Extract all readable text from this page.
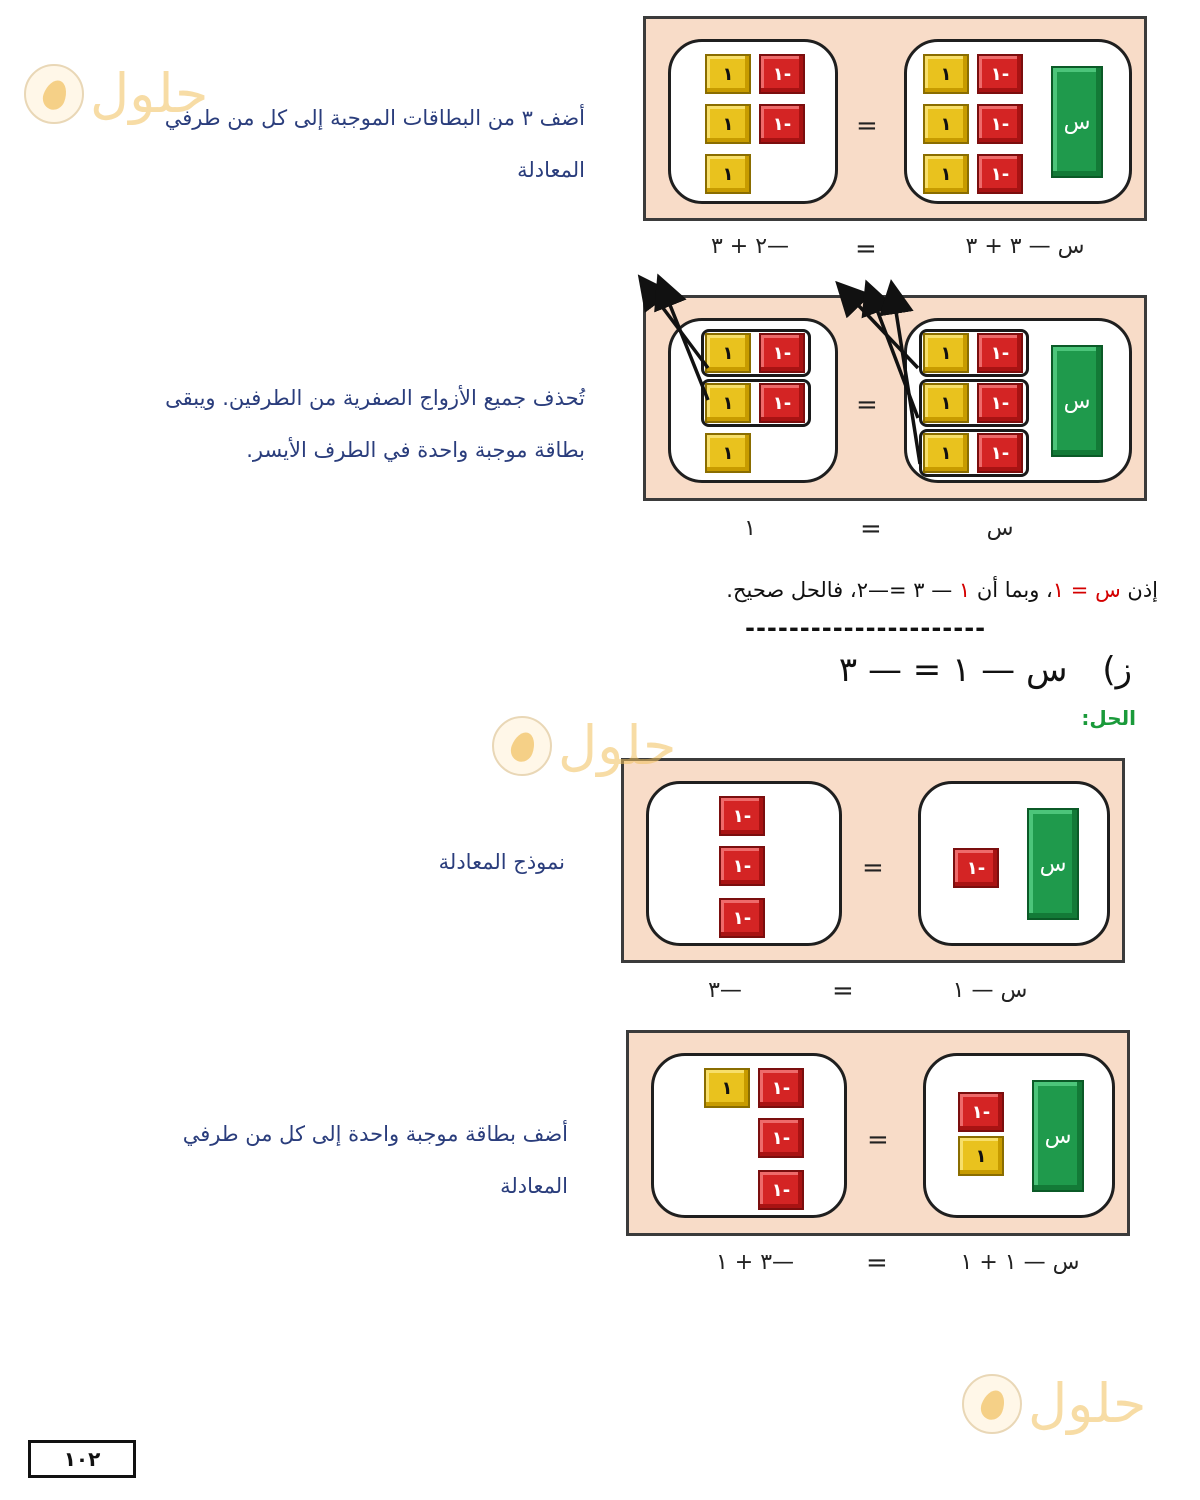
أضف ٣ من البطاقات الموجبة إلى كل من طرفي
المعادلة
س
١-
١
١-
١
١-
١
=
١-
١
١-
١
١
س — ٣ + ٣
=
—٢ + ٣
تُحذف جميع الأزواج الصفرية من الطرفين. ويبقى
بطاقة موجبة واحدة في الطرف الأيسر.
س
١-
١
١-
١
١-
١
=
١-
١
١-
١
١
س
=
١
إذن س = ١، وبما أن ١ — ٣ =—٢، فالحل صحيح.
----------------------
ز) س — ١ = — ٣
الحل:
نموذج المعادلة	س
١-
=
١-
١-
١-
س — ١
=
—٣
أضف بطاقة موجبة واحدة إلى كل من طرفي
المعادلة
س
١-
١
=
١-
١
١-
١-
س — ١ + ١
=
—٣ + ١
حلول
حلول
حلول
١٠٢
